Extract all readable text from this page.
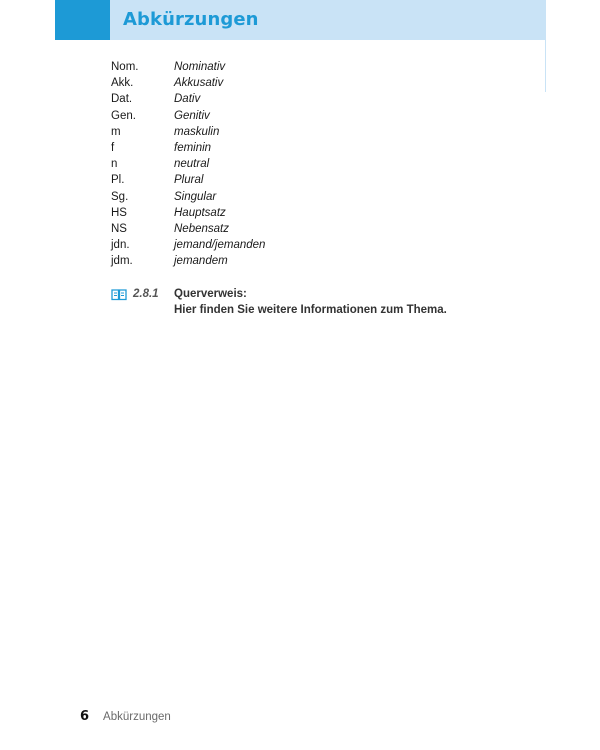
Abkürzungen
Nom.	Nominativ
Akk.	Akkusativ
Dat.	Dativ
Gen.	Genitiv
m	maskulin
f	feminin
n	neutral
Pl.	Plural
Sg.	Singular
HS	Hauptsatz
NS	Nebensatz
jdn.	jemand/jemanden
jdm.	jemandem
2.8.1 Querverweis:
Hier finden Sie weitere Informationen zum Thema.
6 Abkürzungen
